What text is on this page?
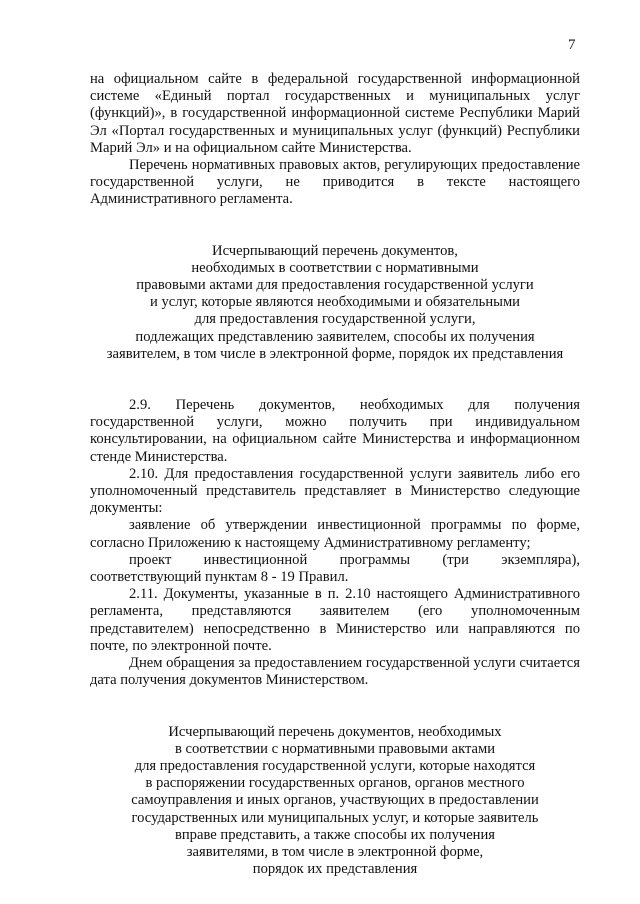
7

на официальном сайте в федеральной государственной информационной системе «Единый портал государственных и муниципальных услуг (функций)», в государственной информационной системе Республики Марий Эл «Портал государственных и муниципальных услуг (функций) Республики Марий Эл» и на официальном сайте Министерства.

Перечень нормативных правовых актов, регулирующих предоставление государственной услуги, не приводится в тексте настоящего Административного регламента.

Исчерпывающий перечень документов,
необходимых в соответствии с нормативными
правовыми актами для предоставления государственной услуги
и услуг, которые являются необходимыми и обязательными
для предоставления государственной услуги,
подлежащих представлению заявителем, способы их получения
заявителем, в том числе в электронной форме, порядок их представления

2.9. Перечень документов, необходимых для получения государственной услуги, можно получить при индивидуальном консультировании, на официальном сайте Министерства и информационном стенде Министерства.

2.10. Для предоставления государственной услуги заявитель либо его уполномоченный представитель представляет в Министерство следующие документы:

заявление об утверждении инвестиционной программы по форме, согласно Приложению к настоящему Административному регламенту;

проект инвестиционной программы (три экземпляра), соответствующий пунктам 8 - 19 Правил.

2.11. Документы, указанные в п. 2.10 настоящего Административного регламента, представляются заявителем (его уполномоченным представителем) непосредственно в Министерство или направляются по почте, по электронной почте.

Днем обращения за предоставлением государственной услуги считается дата получения документов Министерством.

Исчерпывающий перечень документов, необходимых
в соответствии с нормативными правовыми актами
для предоставления государственной услуги, которые находятся
в распоряжении государственных органов, органов местного
самоуправления и иных органов, участвующих в предоставлении
государственных или муниципальных услуг, и которые заявитель
вправе представить, а также способы их получения
заявителями, в том числе в электронной форме,
порядок их представления
